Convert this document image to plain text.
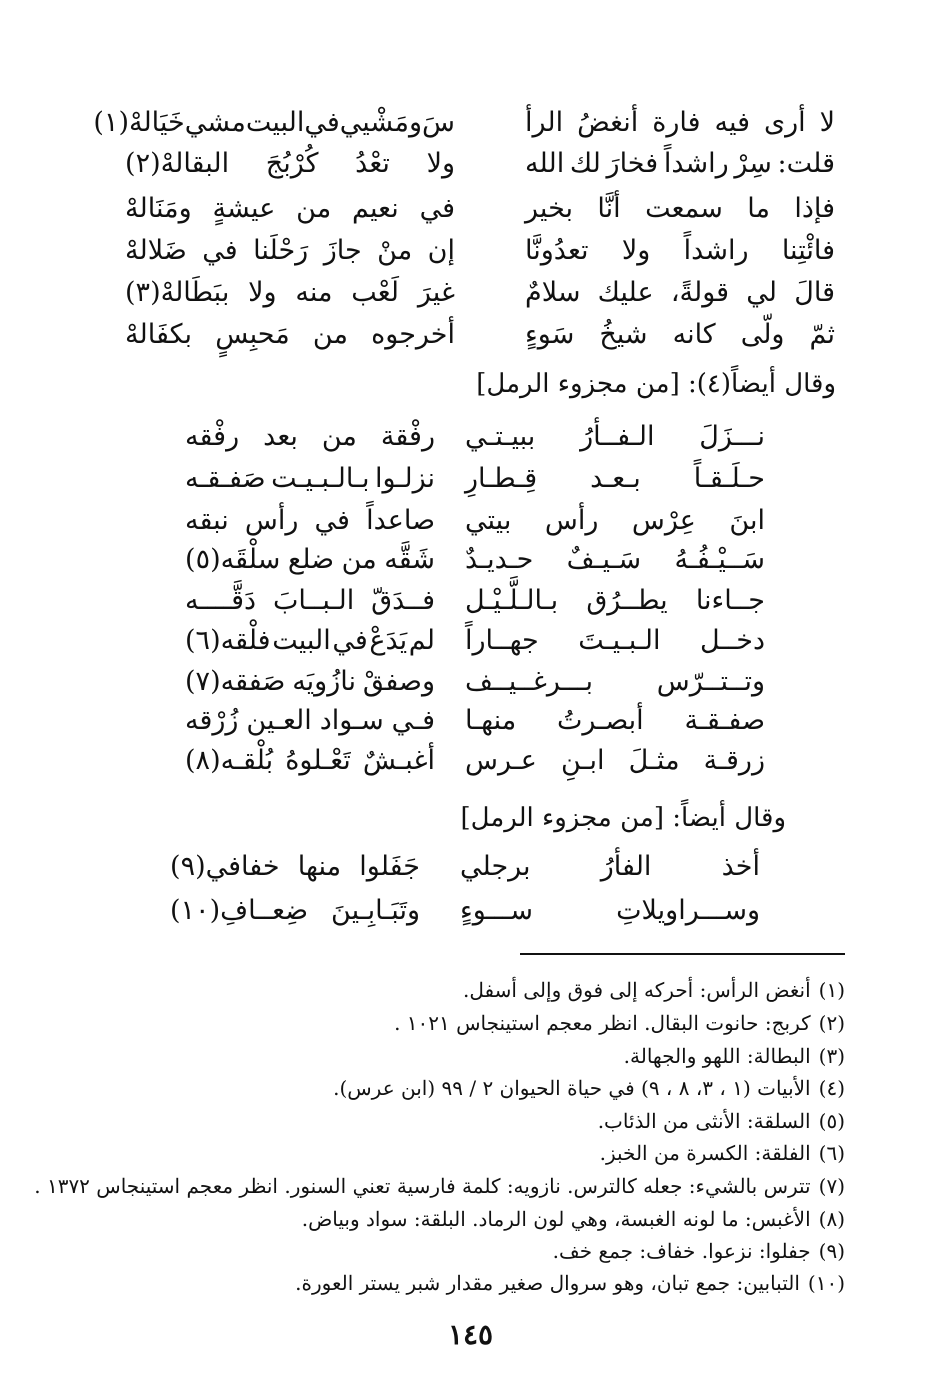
لا
أرى
فيه
فارة
أنغضُ
الرأ
سَ
ومَشْيي
في
البيت
مشي
خَيَالهْ(١)
قلت:
سِرْ
راشداً
فخارَ
لك
الله
ولا
تعْدُ
كُرْبُجَ
البقالهْ(٢)
فإذا
ما
سمعت
أنَّا
بخير
في
نعيم
من
عيشةٍ
ومَنَالهْ
فائْتِنا
راشداً
ولا
تعدُونَّا
إن
منْ
جازَ
رَحْلَنا
في
ضَلالهْ
قالَ
لي
قولةً،
عليك
سلامٌ
غيرَ
لَعْب
منه
ولا
ببَطَالهْ(٣)
ثمّ
ولّى
كانه
شيخُ
سَوءٍ
أخرجوه
من
مَحبِسٍ
بكفَالهْ
وقال أيضاً(٤): [من مجزوء الرمل]
نـــزَلَ
الـفــأرُ
ببيـتـي
رفْقة
من
بعد
رفْقه
حـلَـقـاً
بـعـد
قِـطـارِ
نزلـوا
بـالـبـيـت
صَفـقـه
ابنَ
عِرْس
رأس
بيتي
صاعداً
في
رأس
نبقه
سَــيْـفُـهُ
سَـيـفٌ
حـديـدٌ
شَقَّه
من
ضلع
سلْقَه(٥)
جــاءنا
يطــرُق
بـالـلَّـيْـل
فــدَقّ
الـبــابَ
دَقَّــــه
دخــل
الـبـيـتَ
جهــاراً
لم
يَدَعْ
في
البيت
فلْقه(٦)
وتــتــرّس
بـــرغــيــف
وصفقْ
نازُويَه
صَفقه(٧)
صفـقـة
أبصـرتُ
منهـا
فـي
سـواد
العـين
زُرْقه
زرقـة
مثـلَ
ابـنِ
عـرس
أغبـشٌ
تَعْـلوهُ
بُلْقـه(٨)
وقال أيضاً: [من مجزوء الرمل]
أخذ
الفأرُ
برجلي
جَفَلوا
منها
خفافي(٩)
وســـراويلاتِ
ســـوءٍ
وتَبَـابِـينَ
ضِعــافِ(١٠)
(١)أنغض الرأس: أحركه إلى فوق وإلى أسفل.
(٢)كربج: حانوت البقال. انظر معجم استينجاس ١٠٢١ .
(٣)البطالة: اللهو والجهالة.
(٤)الأبيات (١ ، ٣، ٨ ، ٩) في حياة الحيوان ٢ / ٩٩ (ابن عرس).
(٥)السلقة: الأنثى من الذئاب.
(٦)الفلقة: الكسرة من الخبز.
(٧)تترس بالشيء: جعله كالترس. نازويه: كلمة فارسية تعني السنور. انظر معجم استينجاس ١٣٧٢ .
(٨)الأغبس: ما لونه الغبسة، وهي لون الرماد. البلقة: سواد وبياض.
(٩)جفلوا: نزعوا. خفاف: جمع خف.
(١٠)التبابين: جمع تبان، وهو سروال صغير مقدار شبر يستر العورة.
١٤٥
